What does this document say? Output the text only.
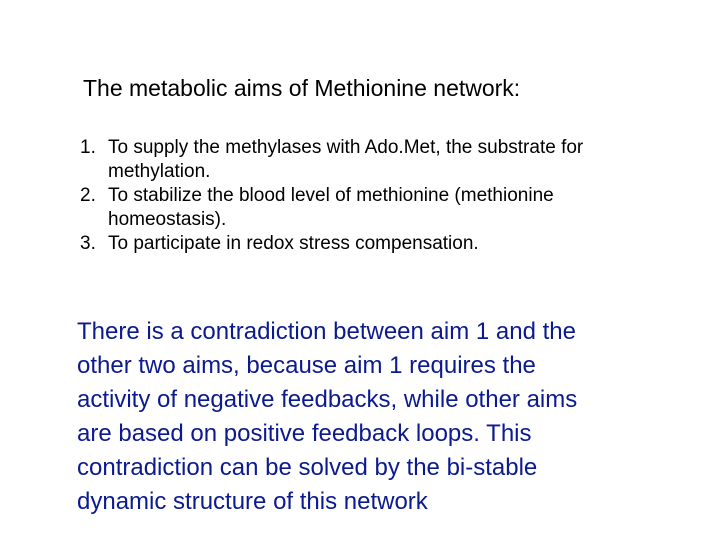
The metabolic aims of Methionine network:
1. To supply the methylases with Ado.Met, the substrate for
methylation.
2. To stabilize the blood level of methionine (methionine
homeostasis).
3. To participate in redox stress compensation.
There is a contradiction between aim 1 and the
other two aims, because aim 1 requires the
activity of negative feedbacks, while other aims
are based on positive feedback loops. This
contradiction can be solved by the bi-stable
dynamic structure of this network
